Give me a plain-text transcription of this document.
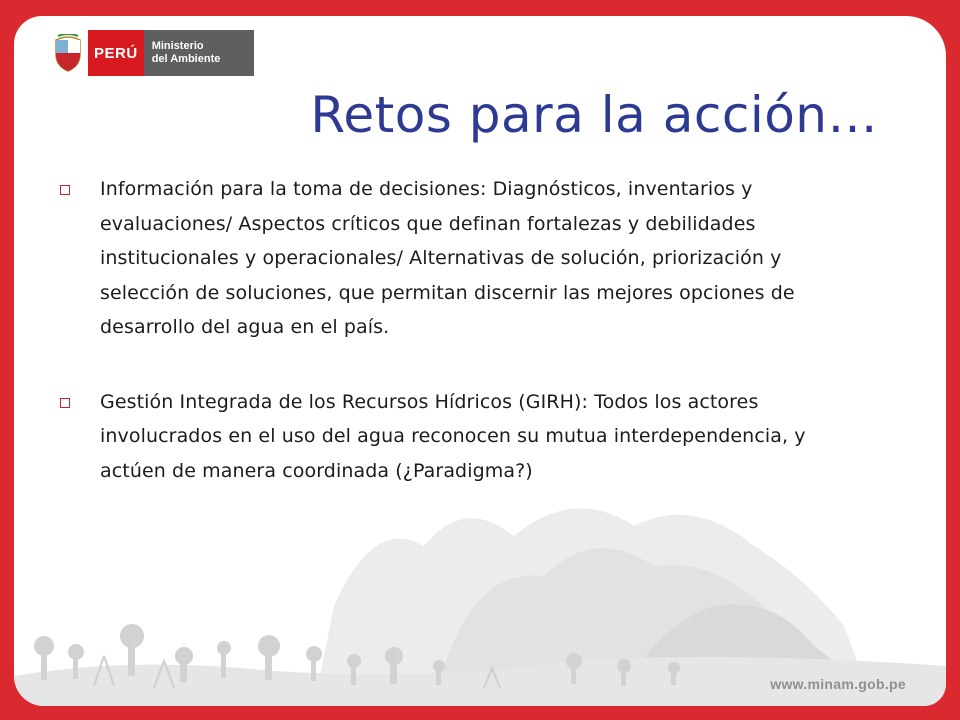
PERÚ	Ministerio
del Ambiente
Retos para la acción…
Información para la toma de decisiones: Diagnósticos, inventarios y evaluaciones/ Aspectos críticos que definan fortalezas y debilidades institucionales y operacionales/ Alternativas de solución, priorización y selección de soluciones, que permitan discernir las mejores opciones de desarrollo del agua en el país.
Gestión Integrada de los Recursos Hídricos (GIRH): Todos los actores involucrados en el uso del agua reconocen su mutua interdependencia, y actúen de manera coordinada (¿Paradigma?)
www.minam.gob.pe
